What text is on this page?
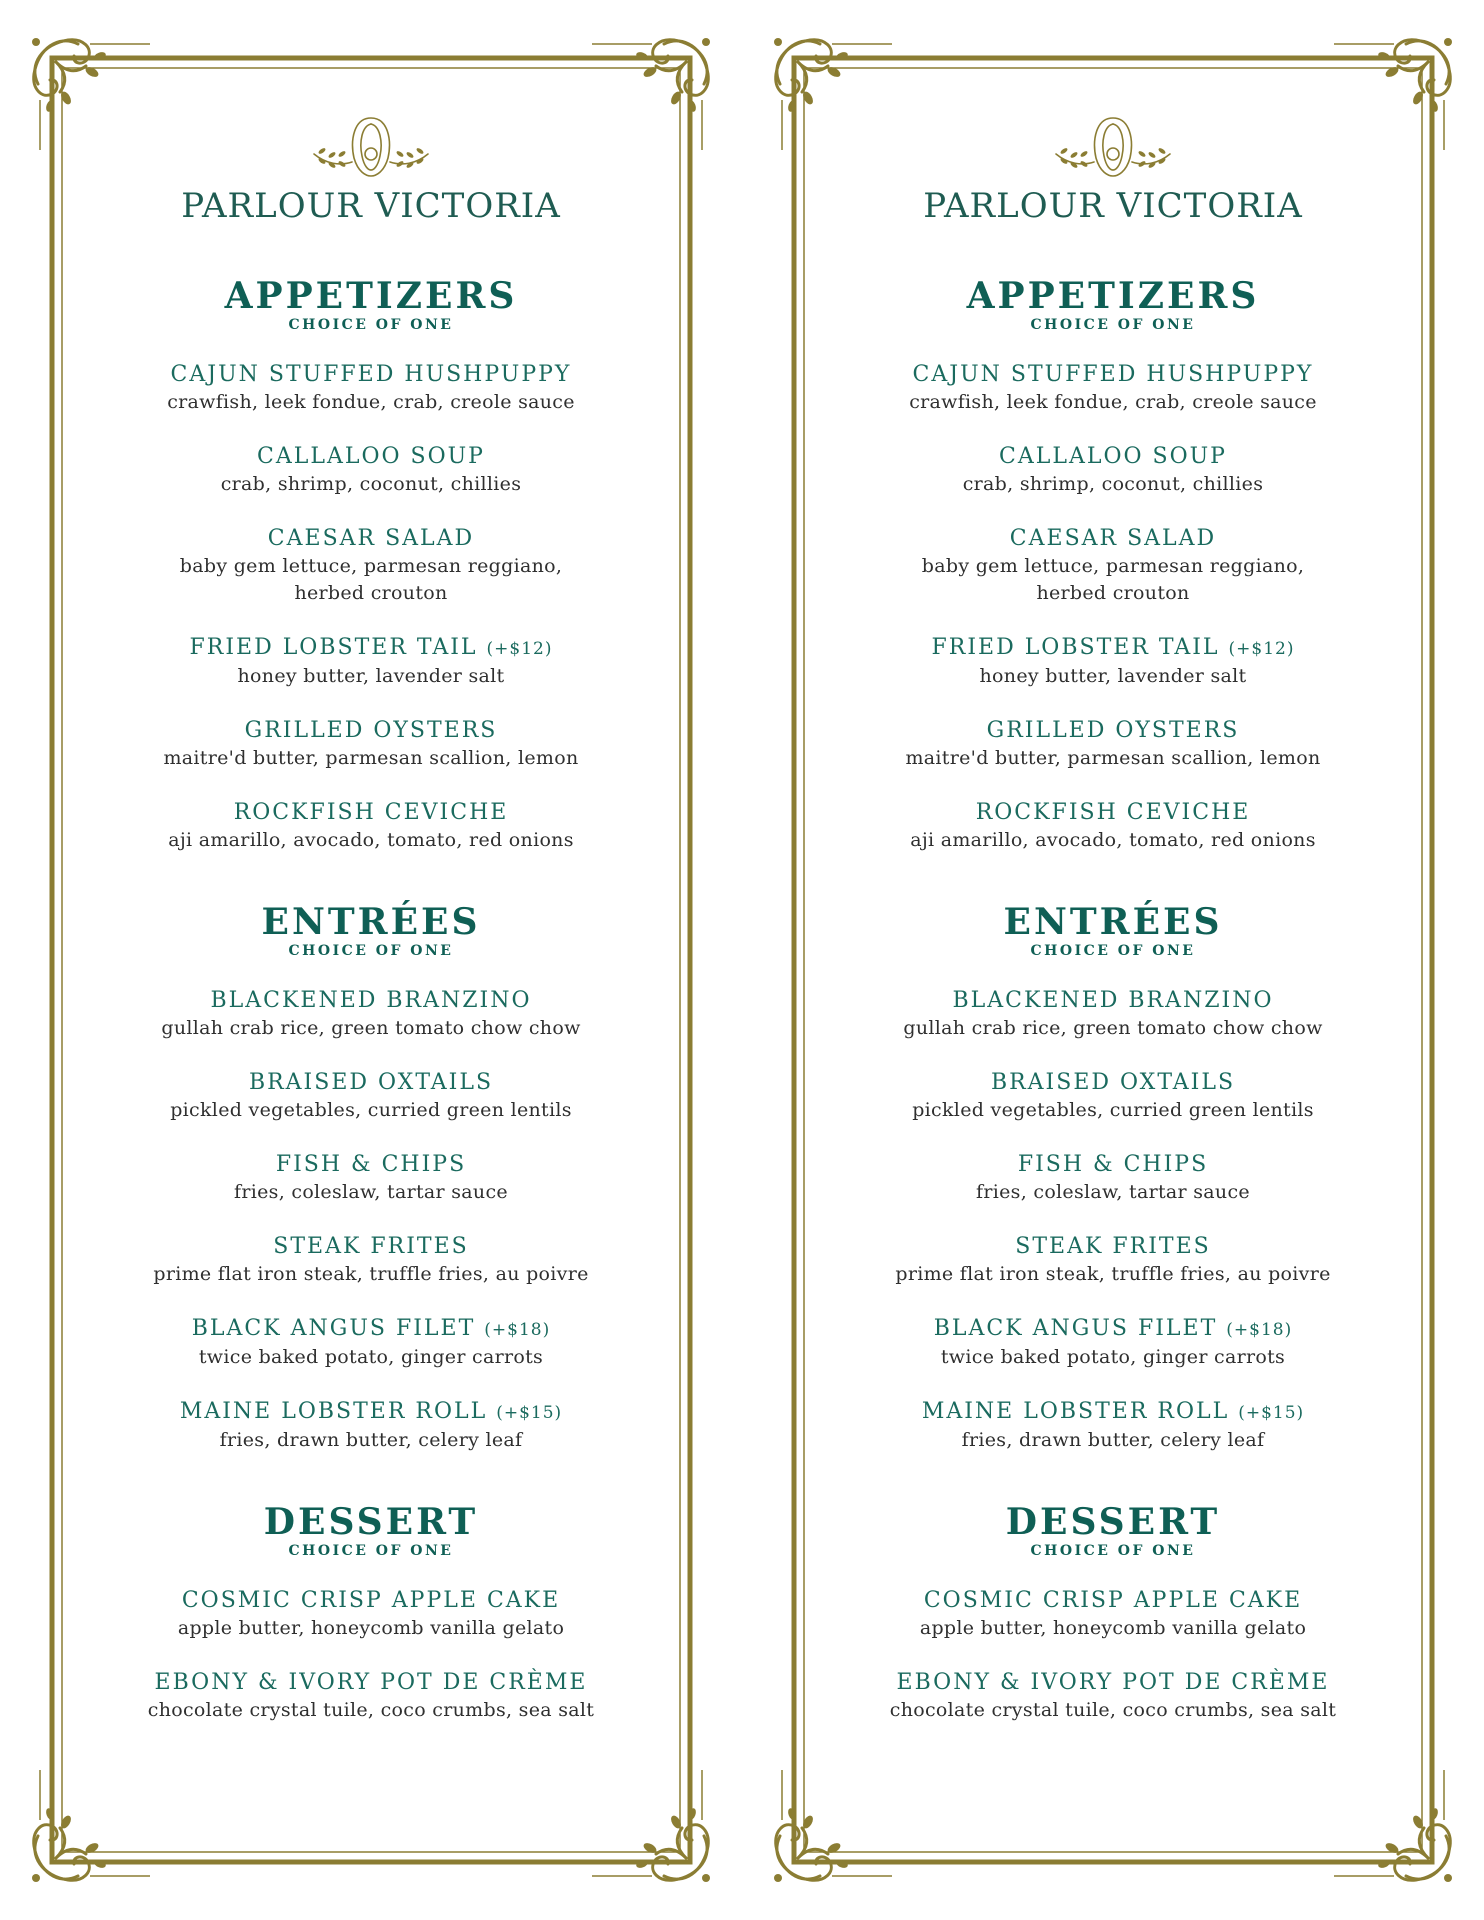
PARLOUR VICTORIA
APPETIZERS
CHOICE OF ONE
CAJUN STUFFED HUSHPUPPY
crawfish, leek fondue, crab, creole sauce
CALLALOO SOUP
crab, shrimp, coconut, chillies
CAESAR SALAD
baby gem lettuce, parmesan reggiano,
herbed crouton
FRIED LOBSTER TAIL (+$12)
honey butter, lavender salt
GRILLED OYSTERS
maitre'd butter, parmesan scallion, lemon
ROCKFISH CEVICHE
aji amarillo, avocado, tomato, red onions
ENTRÉES
CHOICE OF ONE
BLACKENED BRANZINO
gullah crab rice, green tomato chow chow
BRAISED OXTAILS
pickled vegetables, curried green lentils
FISH & CHIPS
fries, coleslaw, tartar sauce
STEAK FRITES
prime flat iron steak, truffle fries, au poivre
BLACK ANGUS FILET (+$18)
twice baked potato, ginger carrots
MAINE LOBSTER ROLL (+$15)
fries, drawn butter, celery leaf
DESSERT
CHOICE OF ONE
COSMIC CRISP APPLE CAKE
apple butter, honeycomb vanilla gelato
EBONY & IVORY POT DE CRÈME
chocolate crystal tuile, coco crumbs, sea salt
PARLOUR VICTORIA
APPETIZERS
CHOICE OF ONE
CAJUN STUFFED HUSHPUPPY
crawfish, leek fondue, crab, creole sauce
CALLALOO SOUP
crab, shrimp, coconut, chillies
CAESAR SALAD
baby gem lettuce, parmesan reggiano,
herbed crouton
FRIED LOBSTER TAIL (+$12)
honey butter, lavender salt
GRILLED OYSTERS
maitre'd butter, parmesan scallion, lemon
ROCKFISH CEVICHE
aji amarillo, avocado, tomato, red onions
ENTRÉES
CHOICE OF ONE
BLACKENED BRANZINO
gullah crab rice, green tomato chow chow
BRAISED OXTAILS
pickled vegetables, curried green lentils
FISH & CHIPS
fries, coleslaw, tartar sauce
STEAK FRITES
prime flat iron steak, truffle fries, au poivre
BLACK ANGUS FILET (+$18)
twice baked potato, ginger carrots
MAINE LOBSTER ROLL (+$15)
fries, drawn butter, celery leaf
DESSERT
CHOICE OF ONE
COSMIC CRISP APPLE CAKE
apple butter, honeycomb vanilla gelato
EBONY & IVORY POT DE CRÈME
chocolate crystal tuile, coco crumbs, sea salt
